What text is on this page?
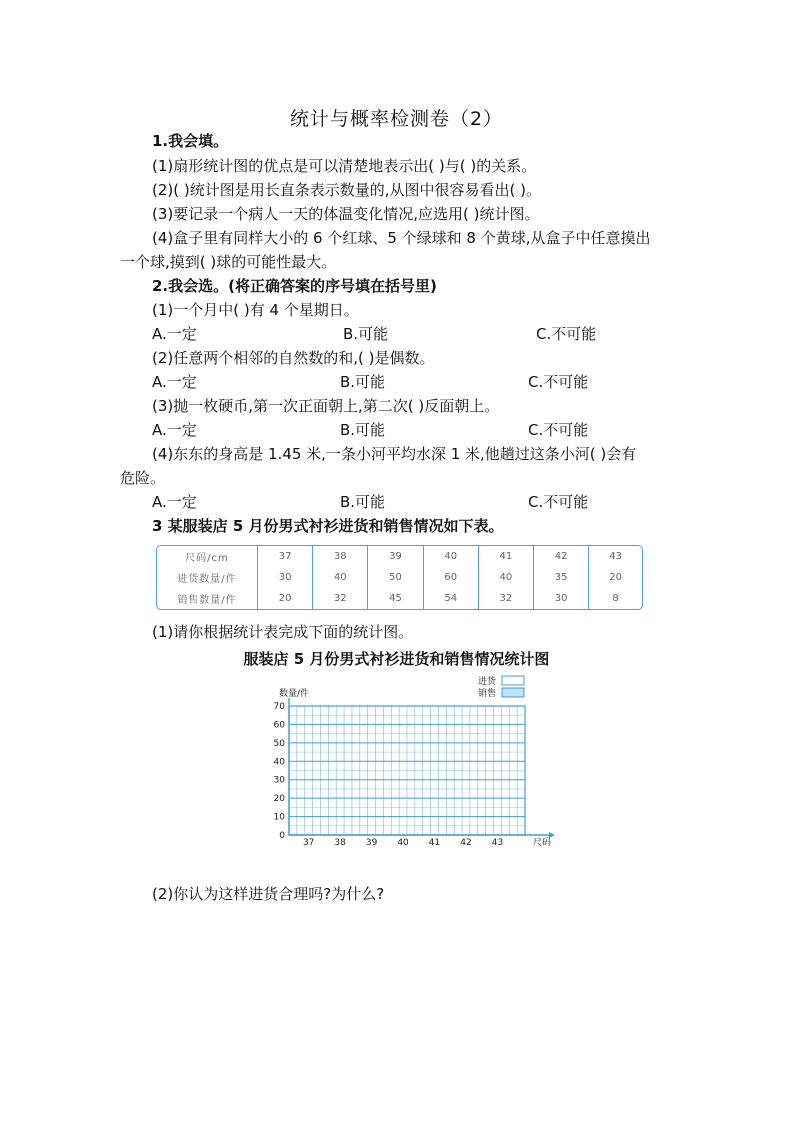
统计与概率检测卷（2）
1.我会填。
(1)扇形统计图的优点是可以清楚地表示出( )与( )的关系。
(2)( )统计图是用长直条表示数量的,从图中很容易看出( )。
(3)要记录一个病人一天的体温变化情况,应选用( )统计图。
(4)盒子里有同样大小的 6 个红球、5 个绿球和 8 个黄球,从盒子中任意摸出
一个球,摸到( )球的可能性最大。
2.我会选。(将正确答案的序号填在括号里)
(1)一个月中( )有 4 个星期日。
A.一定	B.可能	C.不可能
(2)任意两个相邻的自然数的和,( )是偶数。
A.一定	B.可能	C.不可能
(3)抛一枚硬币,第一次正面朝上,第二次( )反面朝上。
A.一定	B.可能	C.不可能
(4)东东的身高是 1.45 米,一条小河平均水深 1 米,他趟过这条小河( )会有
危险。
A.一定	B.可能	C.不可能
3 某服装店 5 月份男式衬衫进货和销售情况如下表。
尺码/cm	37	38	39	40	41	42	43
进货数量/件	30	40	50	60	40	35	20
销售数量/件	20	32	45	54	32	30	8
(1)请你根据统计表完成下面的统计图。
服装店 5 月份男式衬衫进货和销售情况统计图
0
10
20
30
40
50
60
70
37 38 39 40 41 42 43
数量/件
尺码
进货
销售
(2)你认为这样进货合理吗?为什么?
